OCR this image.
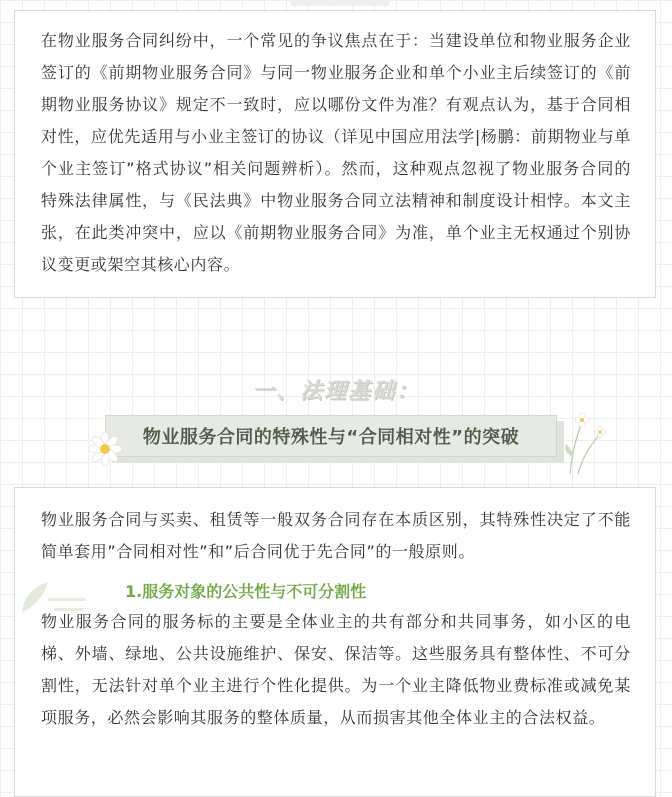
在物业服务合同纠纷中，一个常见的争议焦点在于：当建设单位和物业服务企业签订的《前期物业服务合同》与同一物业服务企业和单个小业主后续签订的《前期物业服务协议》规定不一致时，应以哪份文件为准？有观点认为，基于合同相对性，应优先适用与小业主签订的协议（详见中国应用法学|杨鹏：前期物业与单个业主签订”格式协议”相关问题辨析）。然而，这种观点忽视了物业服务合同的特殊法律属性，与《民法典》中物业服务合同立法精神和制度设计相悖。本文主张，在此类冲突中，应以《前期物业服务合同》为准，单个业主无权通过个别协议变更或架空其核心内容。

一、法理基础：
物业服务合同的特殊性与“合同相对性”的突破

物业服务合同与买卖、租赁等一般双务合同存在本质区别，其特殊性决定了不能简单套用”合同相对性”和”后合同优于先合同”的一般原则。

1.服务对象的公共性与不可分割性

物业服务合同的服务标的主要是全体业主的共有部分和共同事务，如小区的电梯、外墙、绿地、公共设施维护、保安、保洁等。这些服务具有整体性、不可分割性，无法针对单个业主进行个性化提供。为一个业主降低物业费标准或减免某项服务，必然会影响其服务的整体质量，从而损害其他全体业主的合法权益。
